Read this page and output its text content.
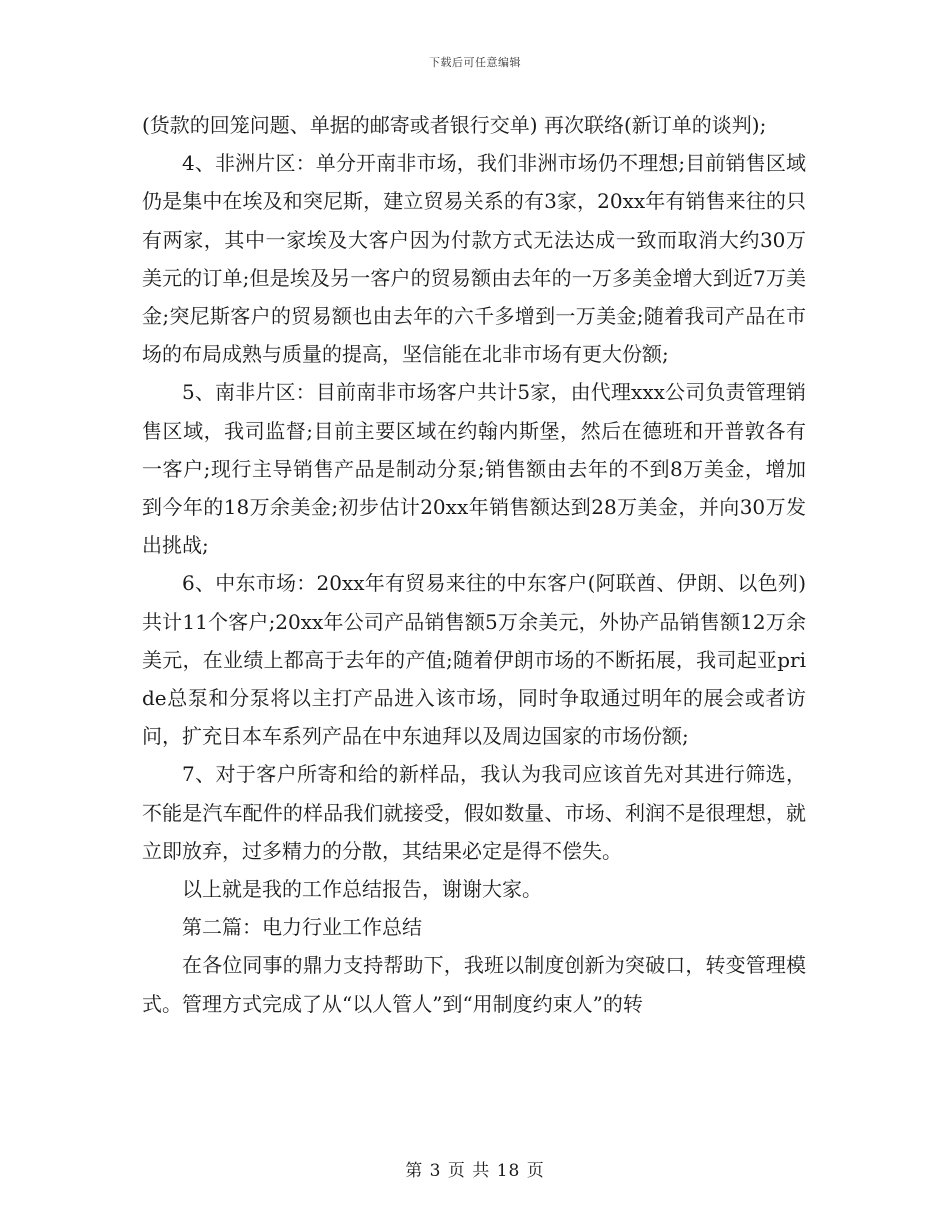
下载后可任意编辑

(货款的回笼问题、单据的邮寄或者银行交单) 再次联络(新订单的谈判);

4、非洲片区：单分开南非市场，我们非洲市场仍不理想;目前销售区域仍是集中在埃及和突尼斯，建立贸易关系的有3家，20xx年有销售来往的只有两家，其中一家埃及大客户因为付款方式无法达成一致而取消大约30万美元的订单;但是埃及另一客户的贸易额由去年的一万多美金增大到近7万美金;突尼斯客户的贸易额也由去年的六千多增到一万美金;随着我司产品在市场的布局成熟与质量的提高，坚信能在北非市场有更大份额;

5、南非片区：目前南非市场客户共计5家，由代理xxx公司负责管理销售区域，我司监督;目前主要区域在约翰内斯堡，然后在德班和开普敦各有一客户;现行主导销售产品是制动分泵;销售额由去年的不到8万美金，增加到今年的18万余美金;初步估计20xx年销售额达到28万美金，并向30万发出挑战;

6、中东市场：20xx年有贸易来往的中东客户(阿联酋、伊朗、以色列)共计11个客户;20xx年公司产品销售额5万余美元，外协产品销售额12万余美元，在业绩上都高于去年的产值;随着伊朗市场的不断拓展，我司起亚pride总泵和分泵将以主打产品进入该市场，同时争取通过明年的展会或者访问，扩充日本车系列产品在中东迪拜以及周边国家的市场份额;

7、对于客户所寄和给的新样品，我认为我司应该首先对其进行筛选，不能是汽车配件的样品我们就接受，假如数量、市场、利润不是很理想，就立即放弃，过多精力的分散，其结果必定是得不偿失。

以上就是我的工作总结报告，谢谢大家。

第二篇：电力行业工作总结

在各位同事的鼎力支持帮助下，我班以制度创新为突破口，转变管理模式。管理方式完成了从“以人管人”到“用制度约束人”的转

第 3 页 共 18 页
